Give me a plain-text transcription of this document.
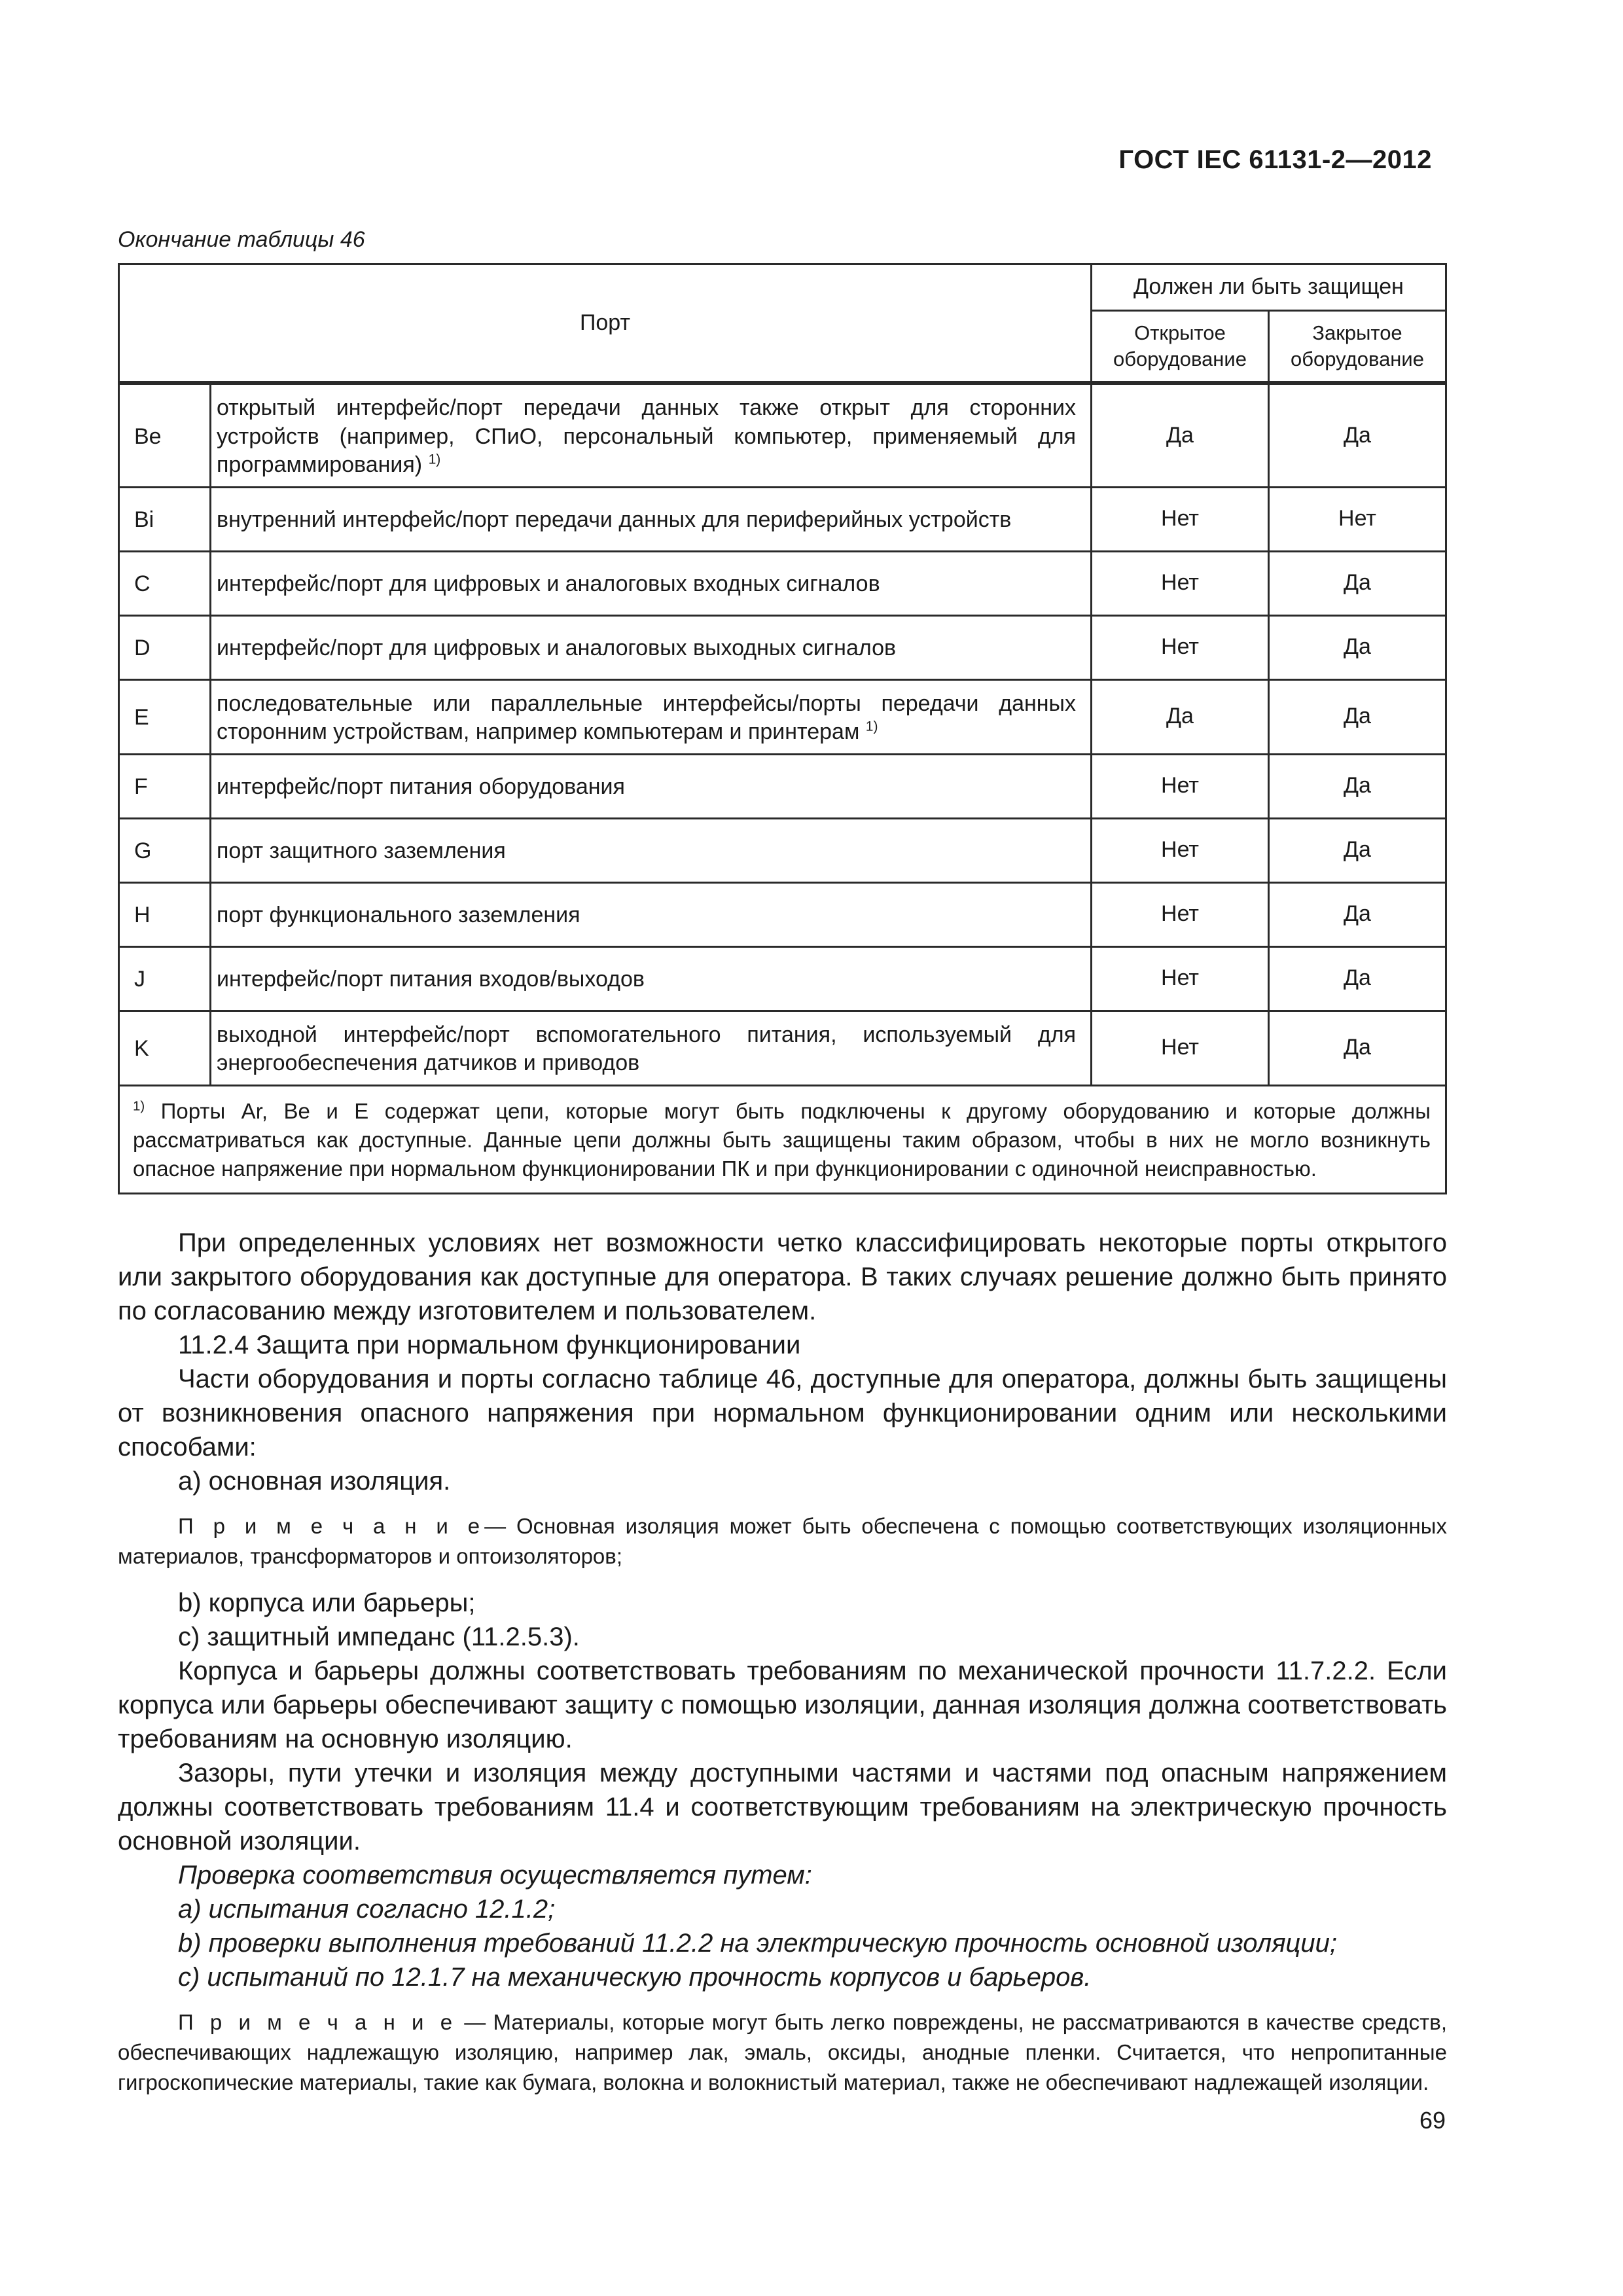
ГОСТ IEC 61131-2—2012
Окончание таблицы 46
Порт		Должен ли быть защищен	
		Открытое оборудование	Закрытое оборудование
Be	открытый интерфейс/порт передачи данных также открыт для сторонних устройств (например, СПиО, персональный компьютер, применяемый для программирования) $^{1)}$	Да	Да
Bi	внутренний интерфейс/порт передачи данных для периферийных устройств	Нет	Нет
C	интерфейс/порт для цифровых и аналоговых входных сигналов	Нет	Да
D	интерфейс/порт для цифровых и аналоговых выходных сигналов	Нет	Да
E	последовательные или параллельные интерфейсы/порты передачи данных сторонним устройствам, например компьютерам и принтерам $^{1)}$	Да	Да
F	интерфейс/порт питания оборудования	Нет	Да
G	порт защитного заземления	Нет	Да
H	порт функционального заземления	Нет	Да
J	интерфейс/порт питания входов/выходов	Нет	Да
K	выходной интерфейс/порт вспомогательного питания, используемый для энергообеспечения датчиков и приводов	Нет	Да
$^{1)}$ Порты Ar, Be и E содержат цепи, которые могут быть подключены к другому оборудованию и которые должны рассматриваться как доступные. Данные цепи должны быть защищены таким образом, чтобы в них не могло возникнуть опасное напряжение при нормальном функционировании ПК и при функционировании с одиночной неисправностью.			

При определенных условиях нет возможности четко классифицировать некоторые порты открытого или закрытого оборудования как доступные для оператора. В таких случаях решение должно быть принято по согласованию между изготовителем и пользователем.

11.2.4 Защита при нормальном функционировании

Части оборудования и порты согласно таблице 46, доступные для оператора, должны быть защищены от возникновения опасного напряжения при нормальном функционировании одним или несколькими способами:

а) основная изоляция.

П р и м е ч а н и е— Основная изоляция может быть обеспечена с помощью соответствующих изоляционных материалов, трансформаторов и оптоизоляторов;

b) корпуса или барьеры;

c) защитный импеданс (11.2.5.3).

Корпуса и барьеры должны соответствовать требованиям по механической прочности 11.7.2.2. Если корпуса или барьеры обеспечивают защиту с помощью изоляции, данная изоляция должна соответствовать требованиям на основную изоляцию.

Зазоры, пути утечки и изоляция между доступными частями и частями под опасным напряжением должны соответствовать требованиям 11.4 и соответствующим требованиям на электрическую прочность основной изоляции.

Проверка соответствия осуществляется путем:

а) испытания согласно 12.1.2;

b) проверки выполнения требований 11.2.2 на электрическую прочность основной изоляции;

c) испытаний по 12.1.7 на механическую прочность корпусов и барьеров.

П р и м е ч а н и е — Материалы, которые могут быть легко повреждены, не рассматриваются в качестве средств, обеспечивающих надлежащую изоляцию, например лак, эмаль, оксиды, анодные пленки. Считается, что непропитанные гигроскопические материалы, такие как бумага, волокна и волокнистый материал, также не обеспечивают надлежащей изоляции.

69
